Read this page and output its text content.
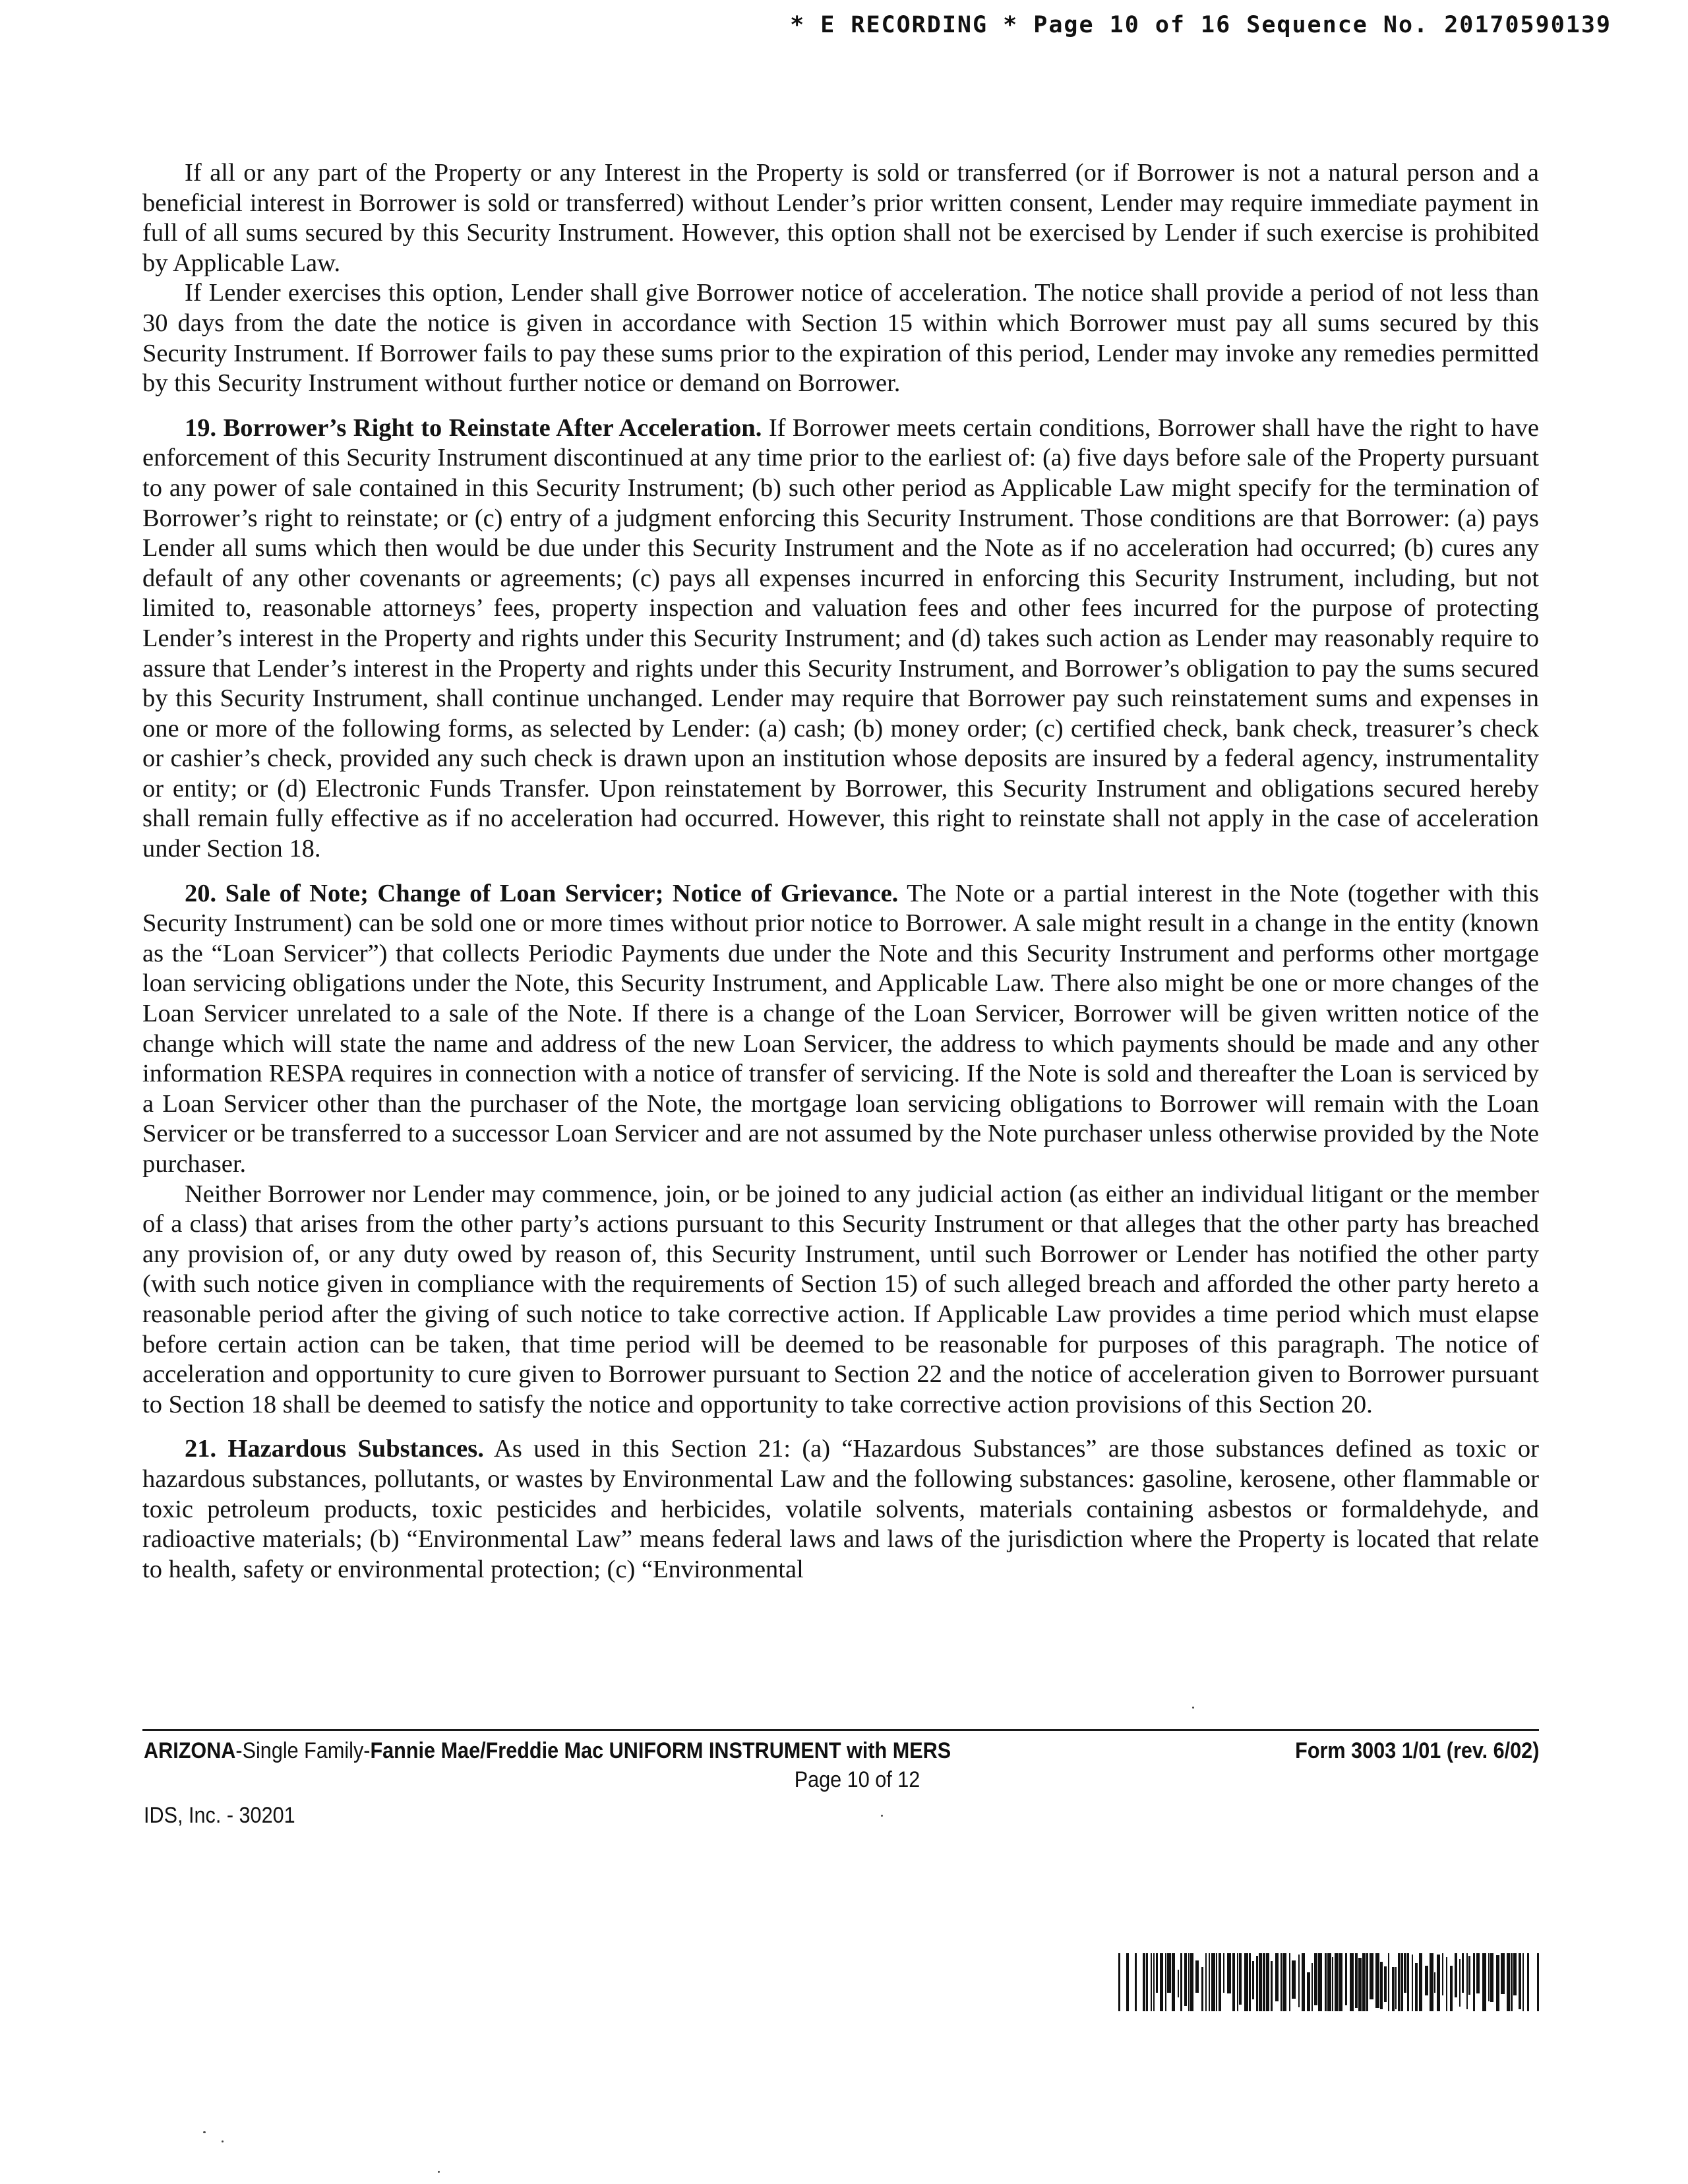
* E RECORDING * Page 10 of 16 Sequence No. 20170590139

If all or any part of the Property or any Interest in the Property is sold or transferred (or if Borrower is not a natural person and a beneficial interest in Borrower is sold or transferred) without Lender’s prior written consent, Lender may require immediate payment in full of all sums secured by this Security Instrument. However, this option shall not be exercised by Lender if such exercise is prohibited by Applicable Law.

If Lender exercises this option, Lender shall give Borrower notice of acceleration. The notice shall provide a period of not less than 30 days from the date the notice is given in accordance with Section 15 within which Borrower must pay all sums secured by this Security Instrument. If Borrower fails to pay these sums prior to the expiration of this period, Lender may invoke any remedies permitted by this Security Instrument without further notice or demand on Borrower.

19. Borrower’s Right to Reinstate After Acceleration. If Borrower meets certain conditions, Borrower shall have the right to have enforcement of this Security Instrument discontinued at any time prior to the earliest of: (a) five days before sale of the Property pursuant to any power of sale contained in this Security Instrument; (b) such other period as Applicable Law might specify for the termination of Borrower’s right to reinstate; or (c) entry of a judgment enforcing this Security Instrument. Those conditions are that Borrower: (a) pays Lender all sums which then would be due under this Security Instrument and the Note as if no acceleration had occurred; (b) cures any default of any other covenants or agreements; (c) pays all expenses incurred in enforcing this Security Instrument, including, but not limited to, reasonable attorneys’ fees, property inspection and valuation fees and other fees incurred for the purpose of protecting Lender’s interest in the Property and rights under this Security Instrument; and (d) takes such action as Lender may reasonably require to assure that Lender’s interest in the Property and rights under this Security Instrument, and Borrower’s obligation to pay the sums secured by this Security Instrument, shall continue unchanged. Lender may require that Borrower pay such reinstatement sums and expenses in one or more of the following forms, as selected by Lender: (a) cash; (b) money order; (c) certified check, bank check, treasurer’s check or cashier’s check, provided any such check is drawn upon an institution whose deposits are insured by a federal agency, instrumentality or entity; or (d) Electronic Funds Transfer. Upon reinstatement by Borrower, this Security Instrument and obligations secured hereby shall remain fully effective as if no acceleration had occurred. However, this right to reinstate shall not apply in the case of acceleration under Section 18.

20. Sale of Note; Change of Loan Servicer; Notice of Grievance. The Note or a partial interest in the Note (together with this Security Instrument) can be sold one or more times without prior notice to Borrower. A sale might result in a change in the entity (known as the “Loan Servicer”) that collects Periodic Payments due under the Note and this Security Instrument and performs other mortgage loan servicing obligations under the Note, this Security Instrument, and Applicable Law. There also might be one or more changes of the Loan Servicer unrelated to a sale of the Note. If there is a change of the Loan Servicer, Borrower will be given written notice of the change which will state the name and address of the new Loan Servicer, the address to which payments should be made and any other information RESPA requires in connection with a notice of transfer of servicing. If the Note is sold and thereafter the Loan is serviced by a Loan Servicer other than the purchaser of the Note, the mortgage loan servicing obligations to Borrower will remain with the Loan Servicer or be transferred to a successor Loan Servicer and are not assumed by the Note purchaser unless otherwise provided by the Note purchaser.

Neither Borrower nor Lender may commence, join, or be joined to any judicial action (as either an individual litigant or the member of a class) that arises from the other party’s actions pursuant to this Security Instrument or that alleges that the other party has breached any provision of, or any duty owed by reason of, this Security Instrument, until such Borrower or Lender has notified the other party (with such notice given in compliance with the requirements of Section 15) of such alleged breach and afforded the other party hereto a reasonable period after the giving of such notice to take corrective action. If Applicable Law provides a time period which must elapse before certain action can be taken, that time period will be deemed to be reasonable for purposes of this paragraph. The notice of acceleration and opportunity to cure given to Borrower pursuant to Section 22 and the notice of acceleration given to Borrower pursuant to Section 18 shall be deemed to satisfy the notice and opportunity to take corrective action provisions of this Section 20.

21. Hazardous Substances. As used in this Section 21: (a) “Hazardous Substances” are those substances defined as toxic or hazardous substances, pollutants, or wastes by Environmental Law and the following substances: gasoline, kerosene, other flammable or toxic petroleum products, toxic pesticides and herbicides, volatile solvents, materials containing asbestos or formaldehyde, and radioactive materials; (b) “Environmental Law” means federal laws and laws of the jurisdiction where the Property is located that relate to health, safety or environmental protection; (c) “Environmental

ARIZONA-Single Family-Fannie Mae/Freddie Mac UNIFORM INSTRUMENT with MERS	Form 3003 1/01 (rev. 6/02)
Page 10 of 12
IDS, Inc. - 30201
